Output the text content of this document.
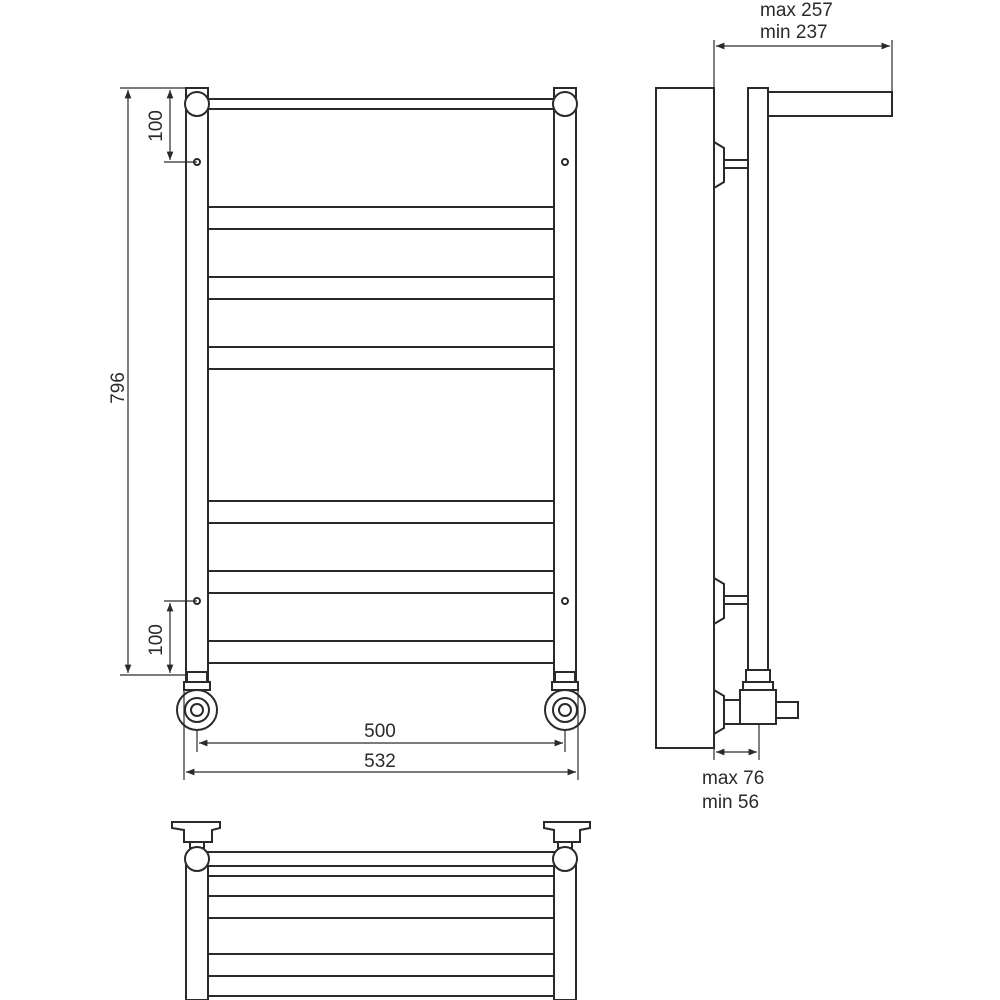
796
100
100
500
532
max 257
min 237
max 76
min 56
